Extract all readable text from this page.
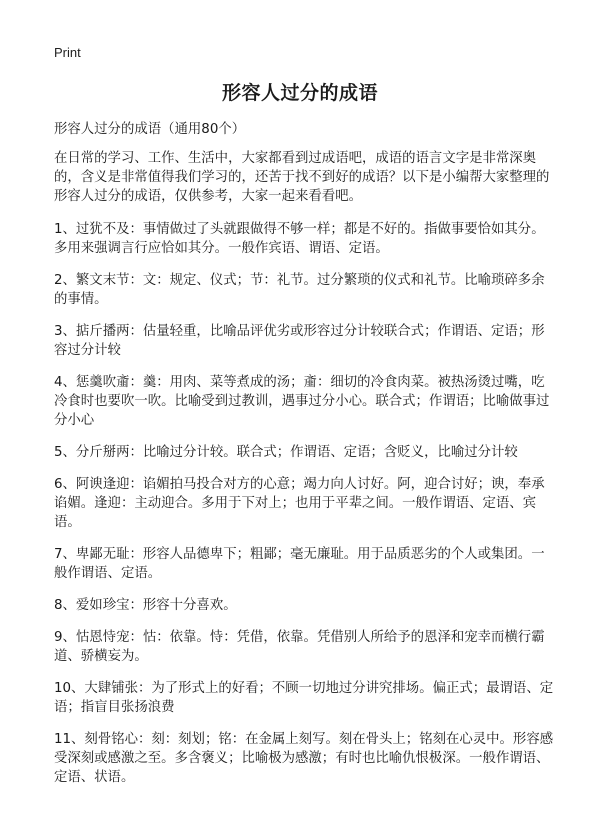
Print
形容人过分的成语

形容人过分的成语（通用80个）

在日常的学习、工作、生活中，大家都看到过成语吧，成语的语言文字是非常深奥的，含义是非常值得我们学习的，还苦于找不到好的成语？以下是小编帮大家整理的形容人过分的成语，仅供参考，大家一起来看看吧。

1、过犹不及：事情做过了头就跟做得不够一样；都是不好的。指做事要恰如其分。多用来强调言行应恰如其分。一般作宾语、谓语、定语。

2、繁文末节：文：规定、仪式；节：礼节。过分繁琐的仪式和礼节。比喻琐碎多余的事情。

3、掂斤播两：估量轻重，比喻品评优劣或形容过分计较联合式；作谓语、定语；形容过分计较

4、惩羹吹齑：羹：用肉、菜等煮成的汤；齑：细切的冷食肉菜。被热汤烫过嘴，吃冷食时也要吹一吹。比喻受到过教训，遇事过分小心。联合式；作谓语；比喻做事过分小心

5、分斤掰两：比喻过分计较。联合式；作谓语、定语；含贬义，比喻过分计较

6、阿谀逢迎：谄媚拍马投合对方的心意；竭力向人讨好。阿，迎合讨好；谀，奉承谄媚。逢迎：主动迎合。多用于下对上；也用于平辈之间。一般作谓语、定语、宾语。

7、卑鄙无耻：形容人品德卑下；粗鄙；毫无廉耻。用于品质恶劣的个人或集团。一般作谓语、定语。

8、爱如珍宝：形容十分喜欢。

9、怙恩恃宠：怙：依靠。恃：凭借，依靠。凭借别人所给予的恩泽和宠幸而横行霸道、骄横妄为。

10、大肆铺张：为了形式上的好看；不顾一切地过分讲究排场。偏正式；最谓语、定语；指盲目张扬浪费

11、刻骨铭心：刻：刻划；铭：在金属上刻写。刻在骨头上；铭刻在心灵中。形容感受深刻或感激之至。多含褒义；比喻极为感激；有时也比喻仇恨极深。一般作谓语、定语、状语。
